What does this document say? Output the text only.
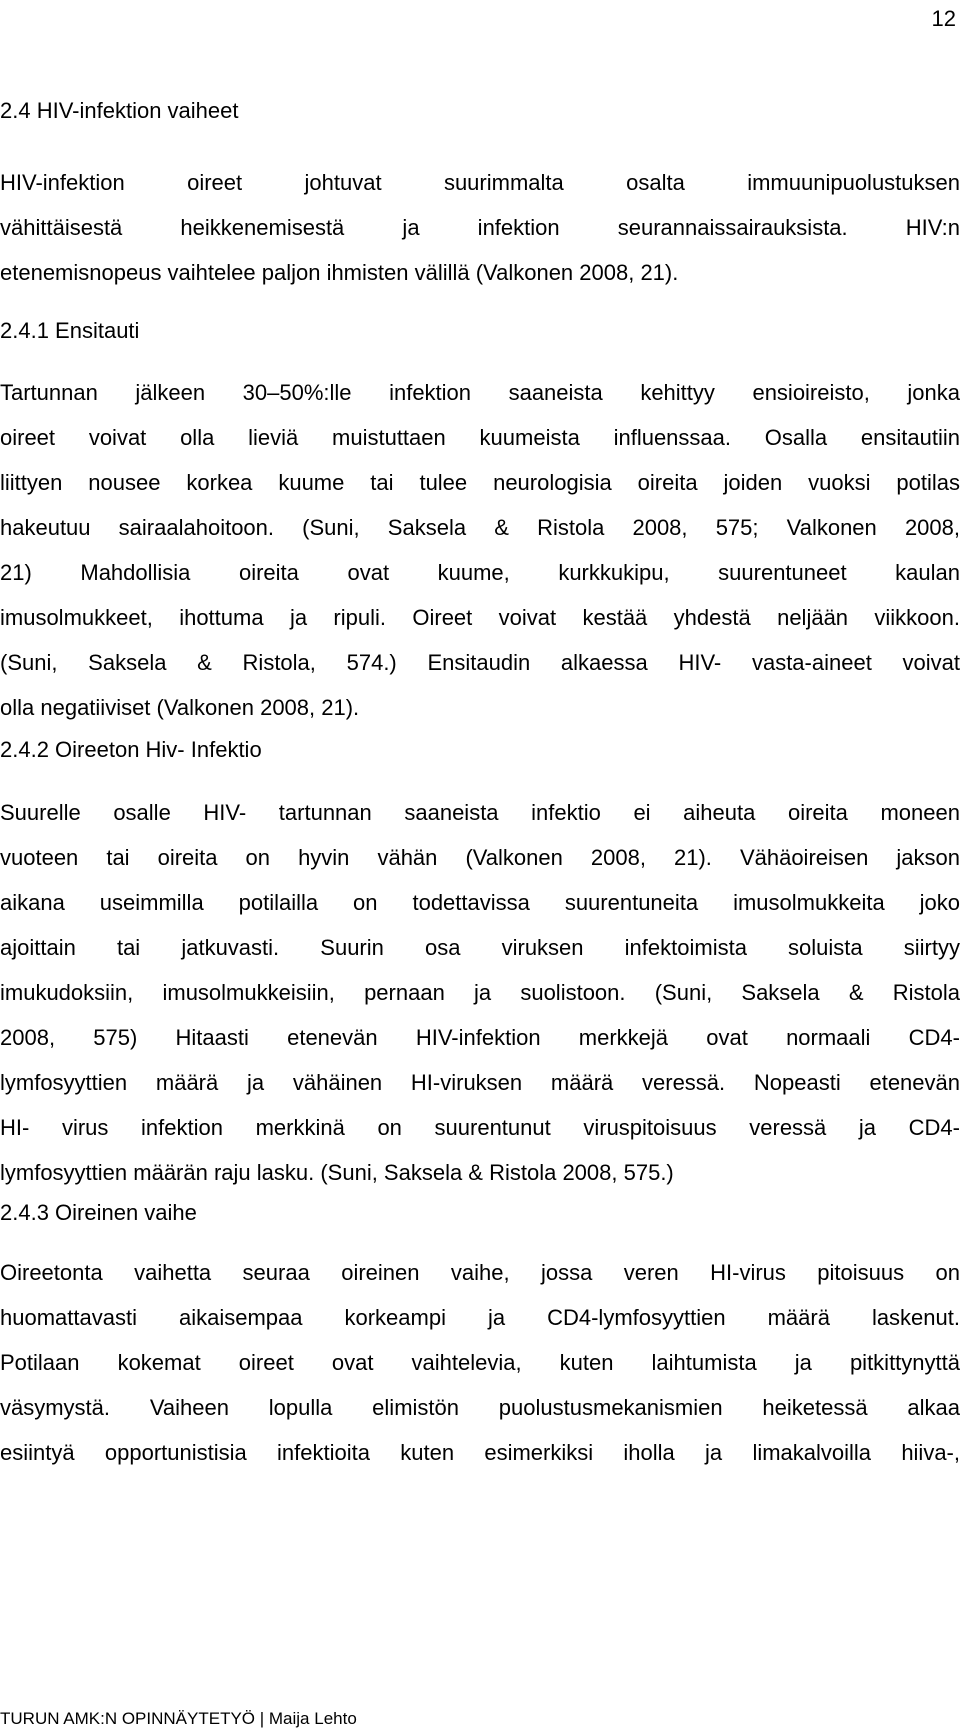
12
2.4 HIV-infektion vaiheet
HIV-infektion oireet johtuvat suurimmalta osalta immuunipuolustuksen
vähittäisestä heikkenemisestä ja infektion seurannaissairauksista. HIV:n
etenemisnopeus vaihtelee paljon ihmisten välillä (Valkonen 2008, 21).
2.4.1 Ensitauti
Tartunnan jälkeen 30–50%:lle infektion saaneista kehittyy ensioireisto, jonka
oireet voivat olla lieviä muistuttaen kuumeista influenssaa. Osalla ensitautiin
liittyen nousee korkea kuume tai tulee neurologisia oireita joiden vuoksi potilas
hakeutuu sairaalahoitoon. (Suni, Saksela & Ristola 2008, 575; Valkonen 2008,
21) Mahdollisia oireita ovat kuume, kurkkukipu, suurentuneet kaulan
imusolmukkeet, ihottuma ja ripuli. Oireet voivat kestää yhdestä neljään viikkoon.
(Suni, Saksela & Ristola, 574.) Ensitaudin alkaessa HIV- vasta-aineet voivat
olla negatiiviset (Valkonen 2008, 21).
2.4.2 Oireeton Hiv- Infektio
Suurelle osalle HIV- tartunnan saaneista infektio ei aiheuta oireita moneen
vuoteen tai oireita on hyvin vähän (Valkonen 2008, 21). Vähäoireisen jakson
aikana useimmilla potilailla on todettavissa suurentuneita imusolmukkeita joko
ajoittain tai jatkuvasti. Suurin osa viruksen infektoimista soluista siirtyy
imukudoksiin, imusolmukkeisiin, pernaan ja suolistoon. (Suni, Saksela & Ristola
2008, 575) Hitaasti etenevän HIV-infektion merkkejä ovat normaali CD4-
lymfosyyttien määrä ja vähäinen HI-viruksen määrä veressä. Nopeasti etenevän
HI- virus infektion merkkinä on suurentunut viruspitoisuus veressä ja CD4-
lymfosyyttien määrän raju lasku. (Suni, Saksela & Ristola 2008, 575.)
2.4.3 Oireinen vaihe
Oireetonta vaihetta seuraa oireinen vaihe, jossa veren HI-virus pitoisuus on
huomattavasti aikaisempaa korkeampi ja CD4-lymfosyyttien määrä laskenut.
Potilaan kokemat oireet ovat vaihtelevia, kuten laihtumista ja pitkittynyttä
väsymystä. Vaiheen lopulla elimistön puolustusmekanismien heiketessä alkaa
esiintyä opportunistisia infektioita kuten esimerkiksi iholla ja limakalvoilla hiiva-,
TURUN AMK:N OPINNÄYTETYÖ | Maija Lehto
